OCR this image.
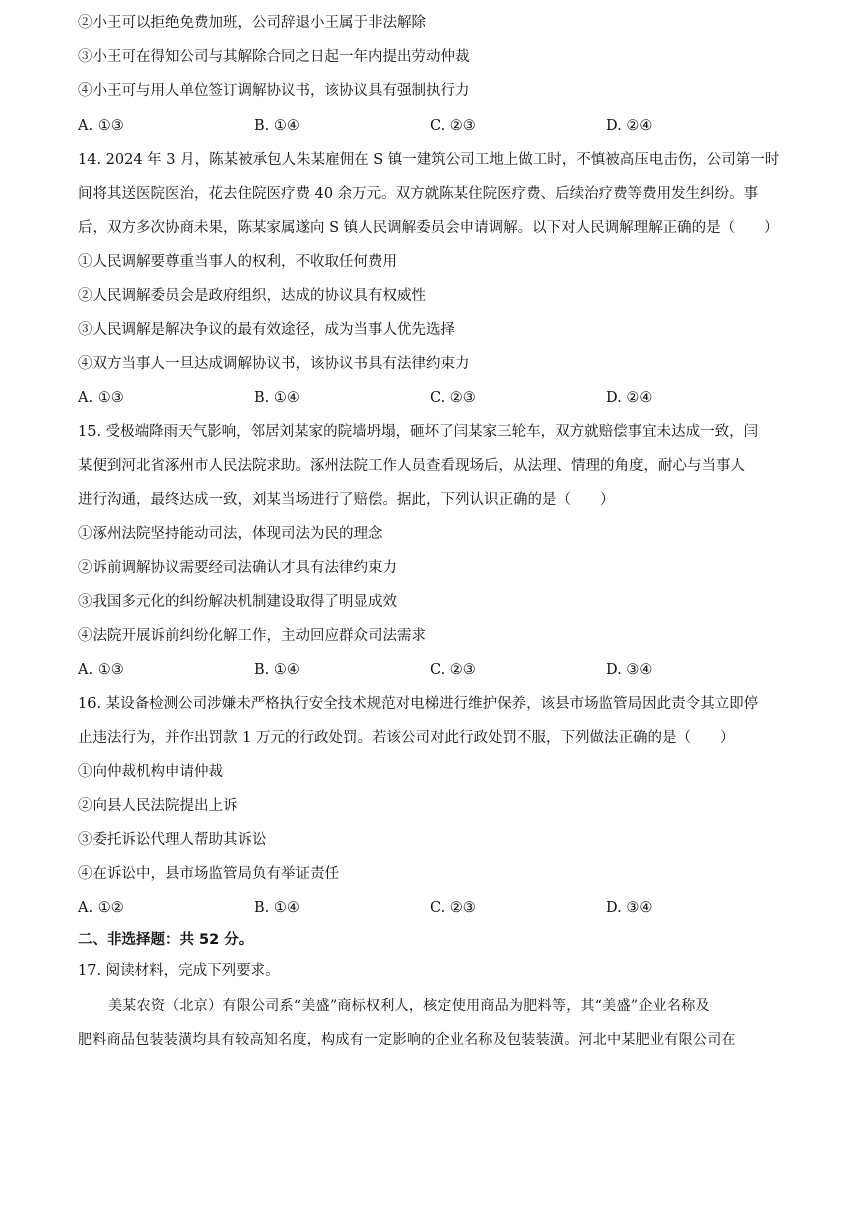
②小王可以拒绝免费加班，公司辞退小王属于非法解除
③小王可在得知公司与其解除合同之日起一年内提出劳动仲裁
④小王可与用人单位签订调解协议书，该协议具有强制执行力
A. ①③	B. ①④	C. ②③	D. ②④
14. 2024 年 3 月，陈某被承包人朱某雇佣在 S 镇一建筑公司工地上做工时，不慎被高压电击伤，公司第一时
间将其送医院医治，花去住院医疗费 40 余万元。双方就陈某住院医疗费、后续治疗费等费用发生纠纷。事
后，双方多次协商未果，陈某家属遂向 S 镇人民调解委员会申请调解。以下对人民调解理解正确的是（　　）
①人民调解要尊重当事人的权利，不收取任何费用
②人民调解委员会是政府组织，达成的协议具有权威性
③人民调解是解决争议的最有效途径，成为当事人优先选择
④双方当事人一旦达成调解协议书，该协议书具有法律约束力
A. ①③	B. ①④	C. ②③	D. ②④
15. 受极端降雨天气影响，邻居刘某家的院墙坍塌，砸坏了闫某家三轮车，双方就赔偿事宜未达成一致，闫
某便到河北省涿州市人民法院求助。涿州法院工作人员查看现场后，从法理、情理的角度，耐心与当事人
进行沟通，最终达成一致，刘某当场进行了赔偿。据此，下列认识正确的是（　　）
①涿州法院坚持能动司法，体现司法为民的理念
②诉前调解协议需要经司法确认才具有法律约束力
③我国多元化的纠纷解决机制建设取得了明显成效
④法院开展诉前纠纷化解工作，主动回应群众司法需求
A. ①③	B. ①④	C. ②③	D. ③④
16. 某设备检测公司涉嫌未严格执行安全技术规范对电梯进行维护保养，该县市场监管局因此责令其立即停
止违法行为，并作出罚款 1 万元的行政处罚。若该公司对此行政处罚不服，下列做法正确的是（　　）
①向仲裁机构申请仲裁
②向县人民法院提出上诉
③委托诉讼代理人帮助其诉讼
④在诉讼中，县市场监管局负有举证责任
A. ①②	B. ①④	C. ②③	D. ③④
二、非选择题：共 52 分。
17. 阅读材料，完成下列要求。
美某农资（北京）有限公司系“美盛”商标权利人，核定使用商品为肥料等，其“美盛”企业名称及
肥料商品包装装潢均具有较高知名度，构成有一定影响的企业名称及包装装潢。河北中某肥业有限公司在
